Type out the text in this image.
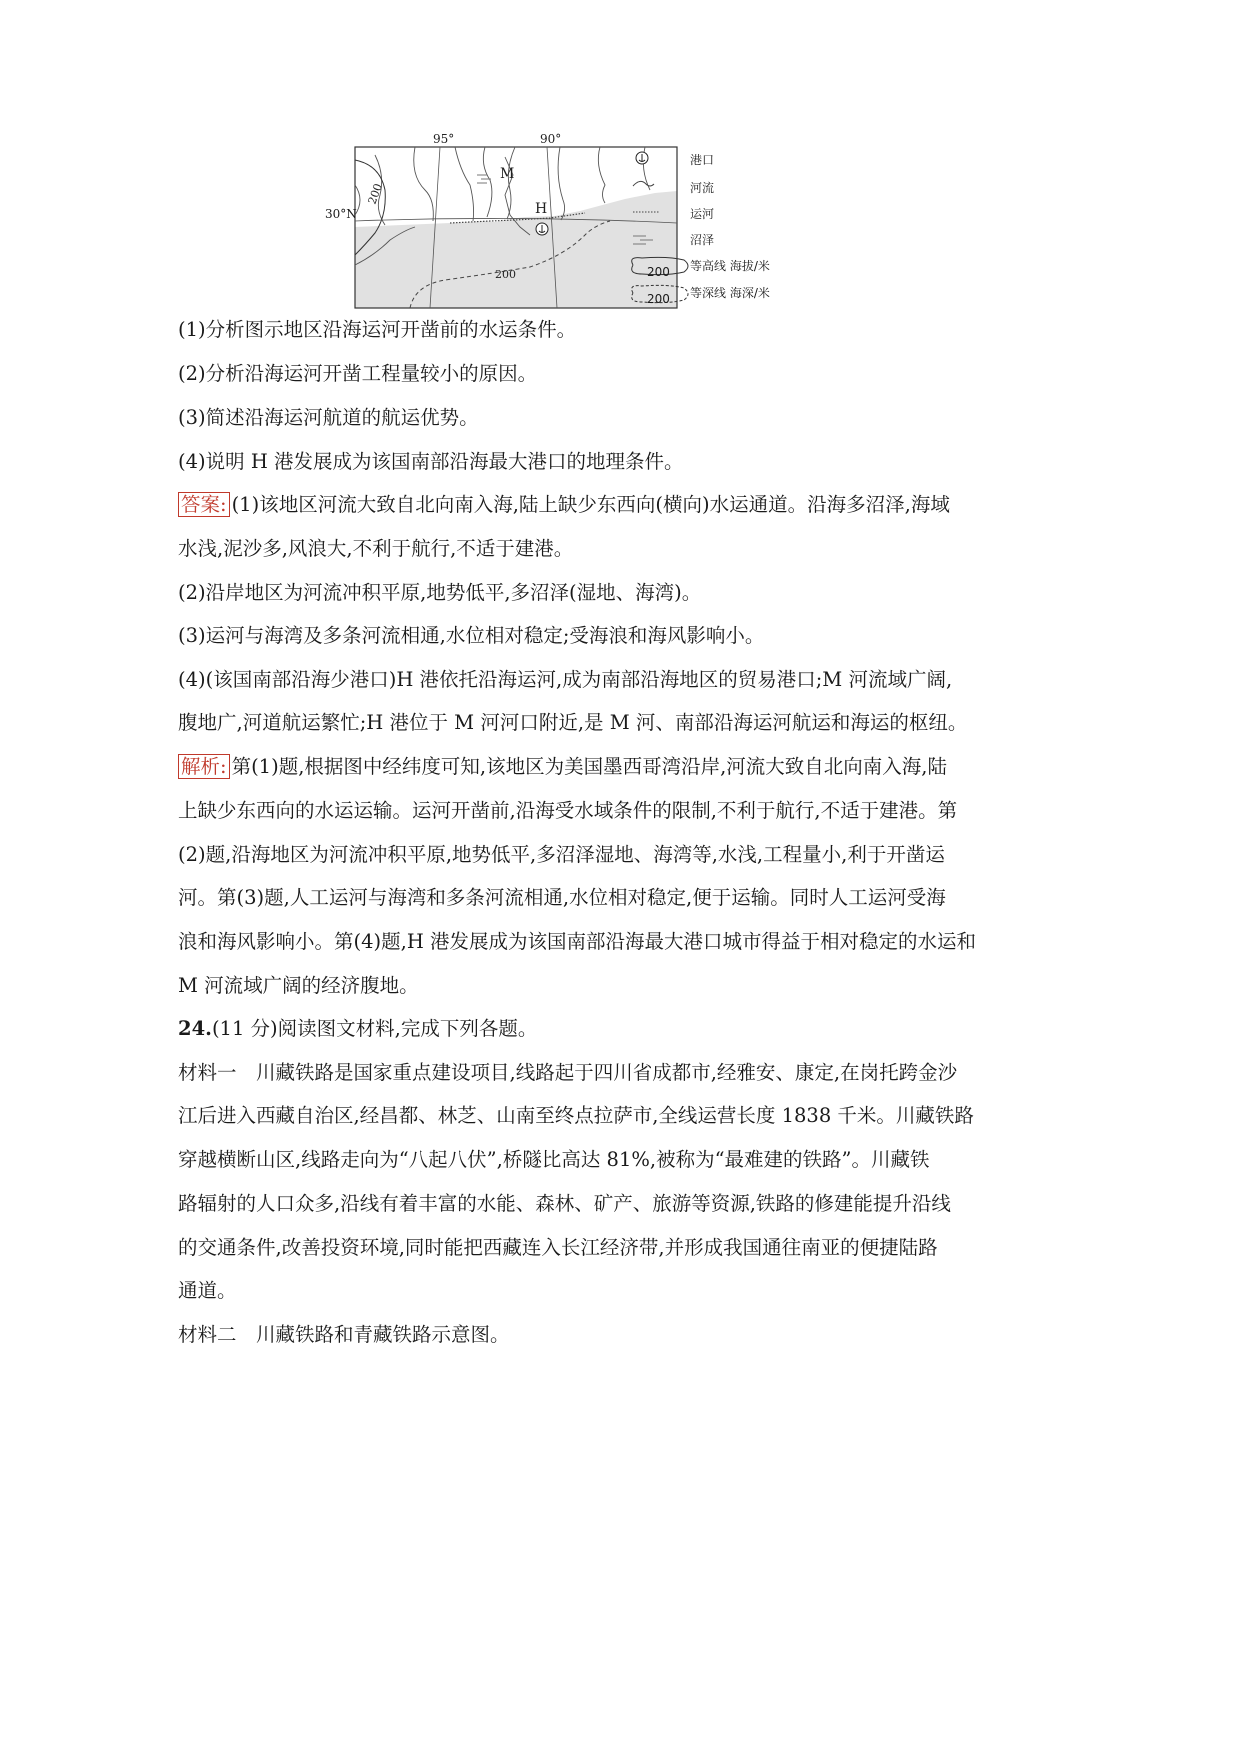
95°	90°
M
H
200
200
30°N
港口
河流
运河
沼泽
200 等高线 海拔/米
200 等深线 海深/米
(1)分析图示地区沿海运河开凿前的水运条件。
(2)分析沿海运河开凿工程量较小的原因。
(3)简述沿海运河航道的航运优势。
(4)说明 H 港发展成为该国南部沿海最大港口的地理条件。
答案: (1)该地区河流大致自北向南入海,陆上缺少东西向(横向)水运通道。沿海多沼泽,海域
水浅,泥沙多,风浪大,不利于航行,不适于建港。
(2)沿岸地区为河流冲积平原,地势低平,多沼泽(湿地、海湾)。
(3)运河与海湾及多条河流相通,水位相对稳定;受海浪和海风影响小。
(4)(该国南部沿海少港口)H 港依托沿海运河,成为南部沿海地区的贸易港口;M 河流域广阔,
腹地广,河道航运繁忙;H 港位于 M 河河口附近,是 M 河、南部沿海运河航运和海运的枢纽。
解析: 第(1)题,根据图中经纬度可知,该地区为美国墨西哥湾沿岸,河流大致自北向南入海,陆
上缺少东西向的水运运输。运河开凿前,沿海受水域条件的限制,不利于航行,不适于建港。第
(2)题,沿海地区为河流冲积平原,地势低平,多沼泽湿地、海湾等,水浅,工程量小,利于开凿运
河。第(3)题,人工运河与海湾和多条河流相通,水位相对稳定,便于运输。同时人工运河受海
浪和海风影响小。第(4)题,H 港发展成为该国南部沿海最大港口城市得益于相对稳定的水运和
M 河流域广阔的经济腹地。
24.(11 分)阅读图文材料,完成下列各题。
材料一　川藏铁路是国家重点建设项目,线路起于四川省成都市,经雅安、康定,在岗托跨金沙
江后进入西藏自治区,经昌都、林芝、山南至终点拉萨市,全线运营长度 1838 千米。川藏铁路
穿越横断山区,线路走向为“八起八伏”,桥隧比高达 81%,被称为“最难建的铁路”。川藏铁
路辐射的人口众多,沿线有着丰富的水能、森林、矿产、旅游等资源,铁路的修建能提升沿线
的交通条件,改善投资环境,同时能把西藏连入长江经济带,并形成我国通往南亚的便捷陆路
通道。
材料二　川藏铁路和青藏铁路示意图。
